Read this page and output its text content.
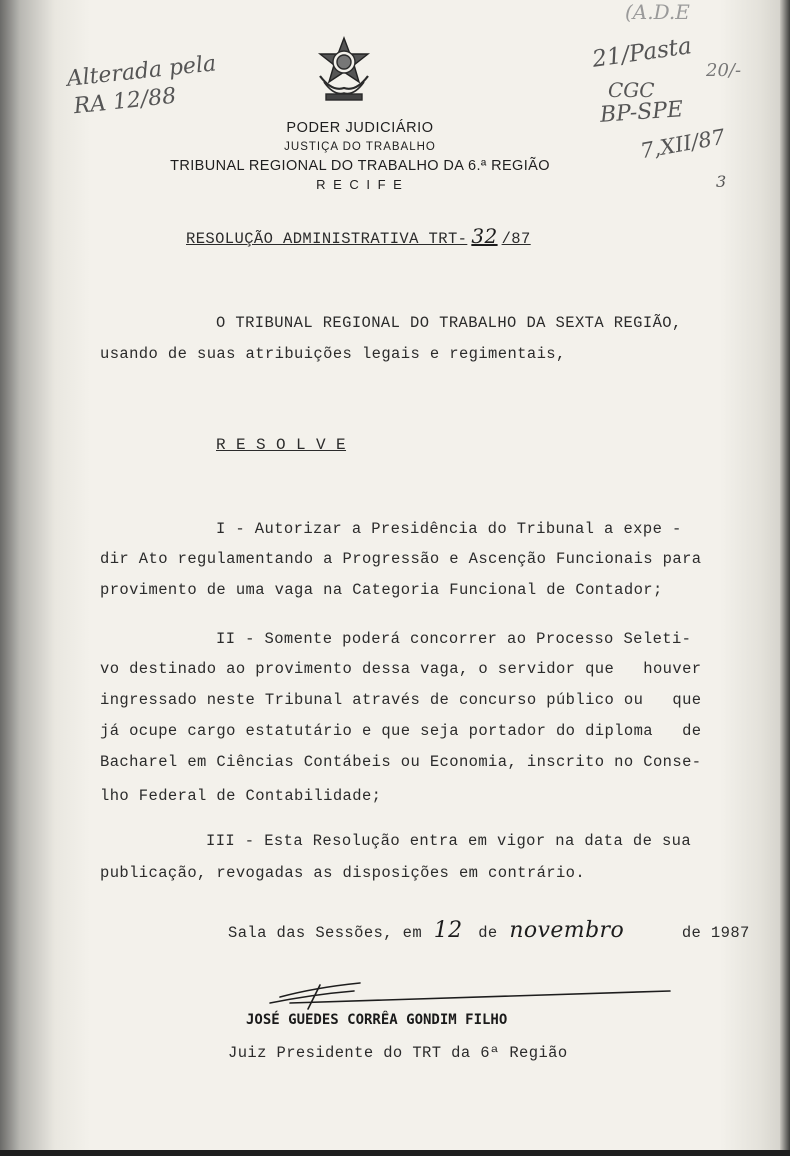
Alterada pela
RA 12/88
(A.D.E
21/Pasta 20/-
CGC
BP-SPE
7,XII/87
3
PODER JUDICIÁRIO
JUSTIÇA DO TRABALHO
TRIBUNAL REGIONAL DO TRABALHO DA 6.ª REGIÃO
R E C I F E
RESOLUÇÃO ADMINISTRATIVA TRT- 32 /87
O TRIBUNAL REGIONAL DO TRABALHO DA SEXTA REGIÃO,
usando de suas atribuições legais e regimentais,
R E S O L V E
I - Autorizar a Presidência do Tribunal a expe -
dir Ato regulamentando a Progressão e Ascenção Funcionais para
provimento de uma vaga na Categoria Funcional de Contador;
II - Somente poderá concorrer ao Processo Seleti-
vo destinado ao provimento dessa vaga, o servidor que   houver
ingressado neste Tribunal através de concurso público ou   que
já ocupe cargo estatutário e que seja portador do diploma   de
Bacharel em Ciências Contábeis ou Economia, inscrito no Conse-
lho Federal de Contabilidade;
III - Esta Resolução entra em vigor na data de sua
publicação, revogadas as disposições em contrário.
Sala das Sessões, em 12 de novembro	de 1987
JOSÉ GUEDES CORRÊA GONDIM FILHO
Juiz Presidente do TRT da 6ª Região
